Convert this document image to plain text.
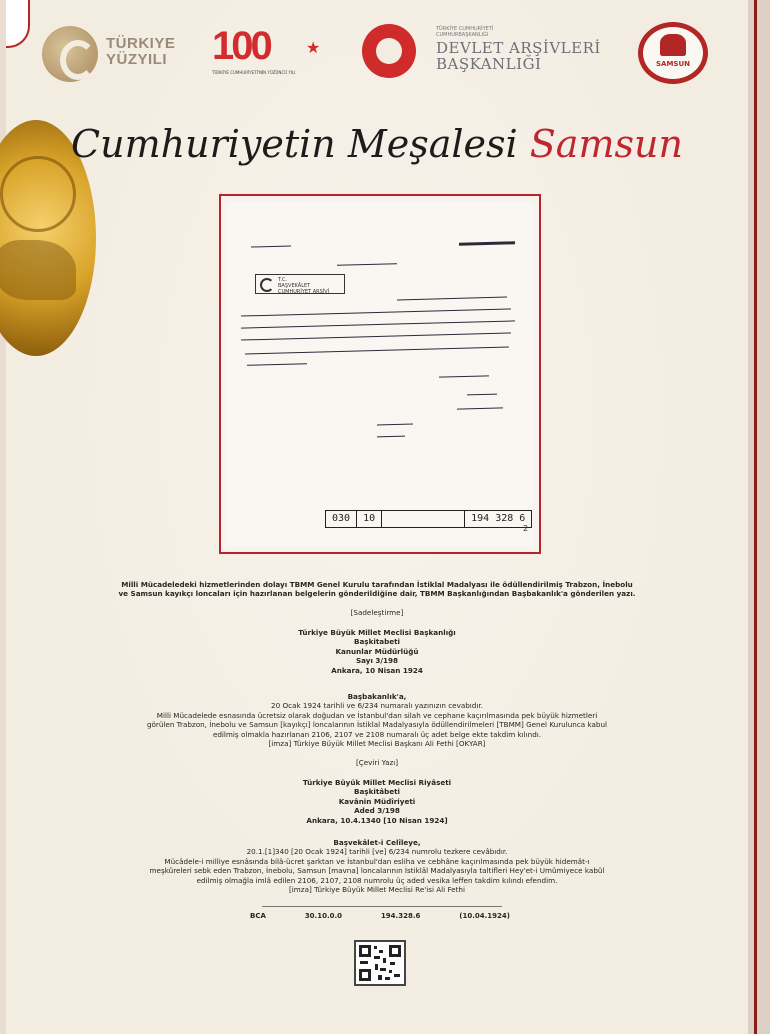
TÜRKIYE
YÜZYILI 100 ★
TÜRKİYE CUMHURİYETİ'NİN YÜZÜNCÜ YILI
TÜRKİYE CUMHURİYETİ
CUMHURBAŞKANLIĞI
DEVLET ARŞİVLERİ
BAŞKANLIĞI	SAMSUN
Cumhuriyetin Meşalesi Samsun
T.C.
BAŞVEKÂLET
CUMHURİYET ARŞİVİ
030	10	194 328 6
2

Milli Mücadeledeki hizmetlerinden dolayı TBMM Genel Kurulu tarafından İstiklal Madalyası ile ödüllendirilmiş Trabzon, İnebolu

ve Samsun kayıkçı loncaları için hazırlanan belgelerin gönderildiğine dair, TBMM Başkanlığından Başbakanlık'a gönderilen yazı.

[Sadeleştirme]

Türkiye Büyük Millet Meclisi Başkanlığı

Başkitabeti

Kanunlar Müdürlüğü

Sayı 3/198

Ankara, 10 Nisan 1924

Başbakanlık'a,

20 Ocak 1924 tarihli ve 6/234 numaralı yazınızın cevabıdır.

Milli Mücadelede esnasında ücretsiz olarak doğudan ve İstanbul'dan silah ve cephane kaçırılmasında pek büyük hizmetleri

görülen Trabzon, İnebolu ve Samsun [kayıkçı] loncalarının İstiklal Madalyasıyla ödüllendirilmeleri [TBMM] Genel Kurulunca kabul

edilmiş olmakla hazırlanan 2106, 2107 ve 2108 numaralı üç adet belge ekte takdim kılındı.

[imza] Türkiye Büyük Millet Meclisi Başkanı Ali Fethi [OKYAR]

[Çeviri Yazı]

Türkiye Büyük Millet Meclisi Riyâseti

Başkitâbeti

Kavânin Müdîriyeti

Aded 3/198

Ankara, 10.4.1340 [10 Nisan 1924]

Başvekâlet-i Celîleye,

20.1.[1]340 [20 Ocak 1924] tarihli [ve] 6/234 numrolu tezkere cevâbıdır.

Mücâdele-i milliye esnâsında bilâ-ücret şarktan ve İstanbul'dan esliha ve cebhâne kaçırılmasında pek büyük hidemât-ı

meşkûreleri sebk eden Trabzon, İnebolu, Samsun [mavna] loncalarının İstiklâl Madalyasıyla taltifleri Hey'et-i Umûmiyece kabûl

edilmiş olmağla imlâ edilen 2106, 2107, 2108 numrolu üç aded vesika leffen takdim kılındı efendim.

[imza] Türkiye Büyük Millet Meclisi Re'isi Ali Fethi

BCA	30.10.0.0	194.328.6	(10.04.1924)
